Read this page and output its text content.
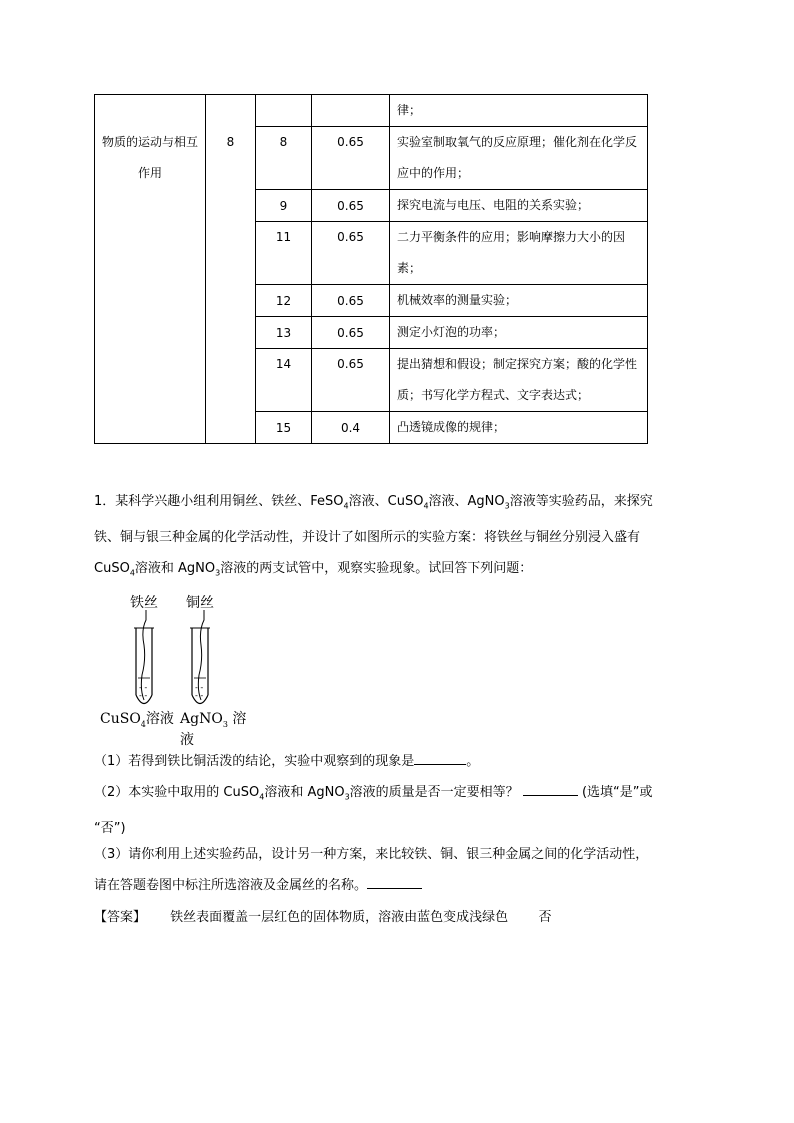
物质的运动与相互
作用	8			律；

		8	0.65	实验室制取氧气的反应原理；催化剂在化学反
应中的作用；

		9	0.65	探究电流与电压、电阻的关系实验；

		11	0.65	二力平衡条件的应用；影响摩擦力大小的因
素；

		12	0.65	机械效率的测量实验；
		13	0.65	测定小灯泡的功率；

		14	0.65	提出猜想和假设；制定探究方案；酸的化学性
质；书写化学方程式、文字表达式；

		15	0.4	凸透镜成像的规律；
1．某科学兴趣小组利用铜丝、铁丝、FeSO$_4$溶液、CuSO$_4$溶液、AgNO$_3$溶液等实验药品，来探究
铁、铜与银三种金属的化学活动性，并设计了如图所示的实验方案：将铁丝与铜丝分别浸入盛有
CuSO$_4$溶液和 AgNO$_3$溶液的两支试管中，观察实验现象。试回答下列问题：
铁丝 铜丝
- -
- -
- -
- -
CuSO$_4$溶液 AgNO$_3$ 溶液
（1）若得到铁比铜活泼的结论，实验中观察到的现象是	。
（2）本实验中取用的 CuSO$_4$溶液和 AgNO$_3$溶液的质量是否一定要相等？	(选填“是”或
“否”)
（3）请你利用上述实验药品，设计另一种方案，来比较铁、铜、银三种金属之间的化学活动性，
请在答题卷图中标注所选溶液及金属丝的名称。
【答案】 铁丝表面覆盖一层红色的固体物质，溶液由蓝色变成浅绿色 否
